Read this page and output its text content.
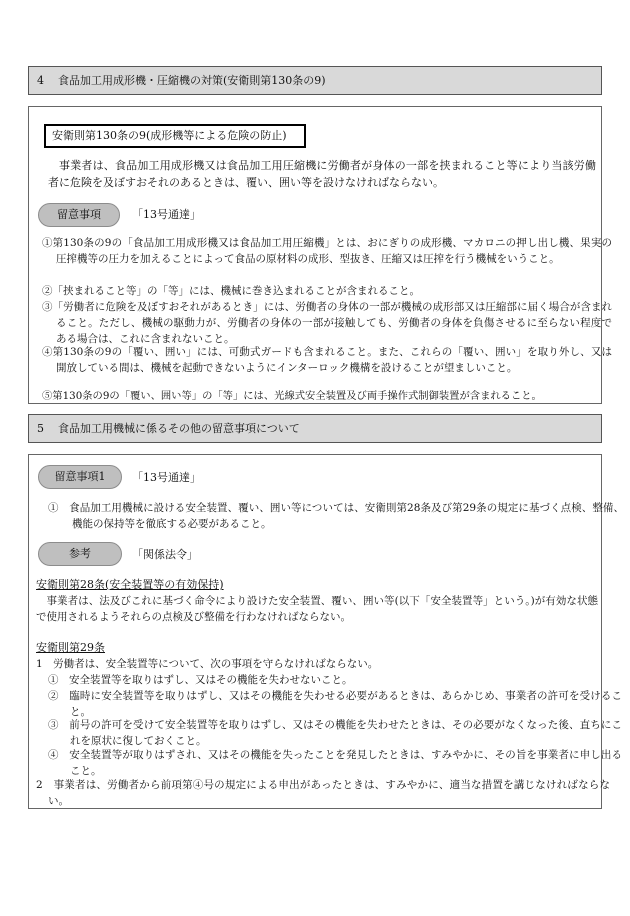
4 食品加工用成形機・圧縮機の対策(安衛則第130条の9)
安衛則第130条の9(成形機等による危険の防止)

事業者は、食品加工用成形機又は食品加工用圧縮機に労働者が身体の一部を挟まれること等により当該労働者に危険を及ぼすおそれのあるときは、覆い、囲い等を設けなければならない。

留意事項	「13号通達」

①第130条の9の「食品加工用成形機又は食品加工用圧縮機」とは、おにぎりの成形機、マカロニの押し出し機、果実の圧搾機等の圧力を加えることによって食品の原材料の成形、型抜き、圧縮又は圧搾を行う機械をいうこと。

②「挟まれること等」の「等」には、機械に巻き込まれることが含まれること。

③「労働者に危険を及ぼすおそれがあるとき」には、労働者の身体の一部が機械の成形部又は圧縮部に届く場合が含まれること。ただし、機械の駆動力が、労働者の身体の一部が接触しても、労働者の身体を負傷させるに至らない程度である場合は、これに含まれないこと。

④第130条の9の「覆い、囲い」には、可動式ガードも含まれること。また、これらの「覆い、囲い」を取り外し、又は開放している間は、機械を起動できないようにインターロック機構を設けることが望ましいこと。

⑤第130条の9の「覆い、囲い等」の「等」には、光線式安全装置及び両手操作式制御装置が含まれること。

5 食品加工用機械に係るその他の留意事項について
留意事項1 「13号通達」

①　食品加工用機械に設ける安全装置、覆い、囲い等については、安衛則第28条及び第29条の規定に基づく点検、整備、機能の保持等を徹底する必要があること。

参考	「関係法令」

安衛則第28条(安全装置等の有効保持)

事業者は、法及びこれに基づく命令により設けた安全装置、覆い、囲い等(以下「安全装置等」という。)が有効な状態で使用されるようそれらの点検及び整備を行わなければならない。

安衛則第29条

1　労働者は、安全装置等について、次の事項を守らなければならない。

①　安全装置等を取りはずし、又はその機能を失わせないこと。

②　臨時に安全装置等を取りはずし、又はその機能を失わせる必要があるときは、あらかじめ、事業者の許可を受けること。

③　前号の許可を受けて安全装置等を取りはずし、又はその機能を失わせたときは、その必要がなくなった後、直ちにこれを原状に復しておくこと。

④　安全装置等が取りはずされ、又はその機能を失ったことを発見したときは、すみやかに、その旨を事業者に申し出ること。

2　事業者は、労働者から前項第④号の規定による申出があったときは、すみやかに、適当な措置を講じなければならない。
